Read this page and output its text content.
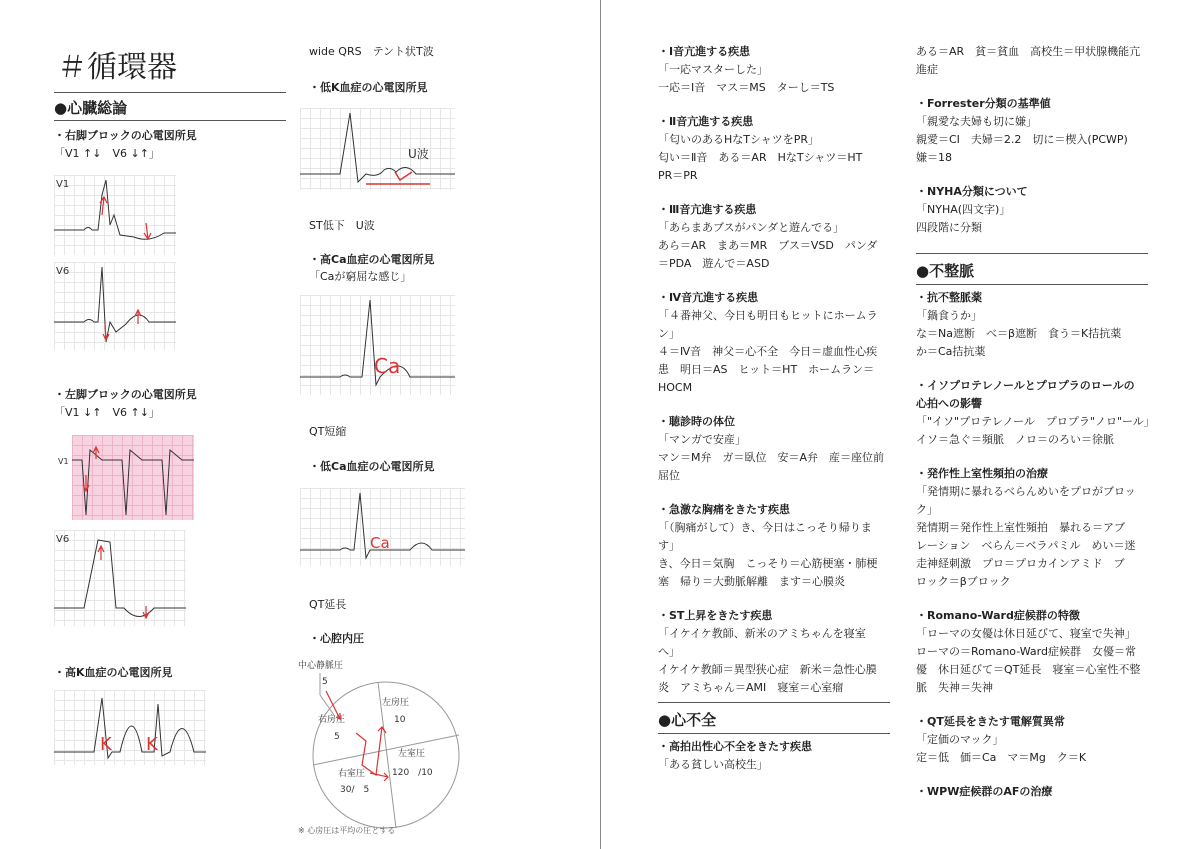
＃循環器
●心臓総論
・右脚ブロックの心電図所見
「V1 ↑↓　V6 ↓↑」
V1
V6
・左脚ブロックの心電図所見
「V1 ↓↑　V6 ↑↓」
V1
V6
・高K血症の心電図所見
K K
wide QRS　テント状T波
・低K血症の心電図所見
U波
ST低下　U波
・高Ca血症の心電図所見
「Caが窮屈な感じ」
Ca
QT短縮
・低Ca血症の心電図所見
Ca
QT延長
・心腔内圧
中心静脈圧
5
右房圧
5
左房圧
10
左室圧
120　/10
右室圧
30/　5
※ 心房圧は平均の圧とする
・Ⅰ音亢進する疾患
「一応マスターした」
一応＝Ⅰ音　マス＝MS　ターし＝TS
・Ⅱ音亢進する疾患
「匂いのあるHなTシャツをPR」
匂い＝Ⅱ音　ある＝AR　HなTシャツ＝HT
PR＝PR
・Ⅲ音亢進する疾患
「あらまあブスがパンダと遊んでる」
あら＝AR　まあ＝MR　ブス＝VSD　パンダ
＝PDA　遊んで＝ASD
・Ⅳ音亢進する疾患
「４番神父、今日も明日もヒットにホームラ
ン」
４＝Ⅳ音　神父＝心不全　今日＝虚血性心疾
患　明日＝AS　ヒット＝HT　ホームラン＝
HOCM
・聴診時の体位
「マンガで安産」
マン＝M弁　ガ＝臥位　安＝A弁　産＝座位前
屈位
・急激な胸痛をきたす疾患
「（胸痛がして）き、今日はこっそり帰りま
す」
き、今日＝気胸　こっそり＝心筋梗塞・肺梗
塞　帰り＝大動脈解離　ます＝心膜炎
・ST上昇をきたす疾患
「イケイケ教師、新米のアミちゃんを寝室
へ」
イケイケ教師＝異型狭心症　新米＝急性心膜
炎　アミちゃん＝AMI　寝室＝心室瘤
●心不全
・高拍出性心不全をきたす疾患
「ある貧しい高校生」
ある＝AR　貧＝貧血　高校生＝甲状腺機能亢
進症
・Forrester分類の基準値
「親愛な夫婦も切に嫌」
親愛＝CI　夫婦＝2.2　切に＝楔入(PCWP)
嫌＝18
・NYHA分類について
「NYHA(四文字)」
四段階に分類
●不整脈
・抗不整脈薬
「鍋食うか」
な＝Na遮断　べ＝β遮断　食う＝K拮抗薬
か＝Ca拮抗薬
・イソプロテレノールとプロプラのロールの
心拍への影響
「"イソ"プロテレノール　プロプラ"ノロ"ール」
イソ＝急ぐ＝頻脈　ノロ＝のろい＝徐脈
・発作性上室性頻拍の治療
「発情期に暴れるべらんめいをプロがブロッ
ク」
発情期＝発作性上室性頻拍　暴れる＝アブ
レーション　べらん＝ベラパミル　めい＝迷
走神経刺激　プロ＝プロカインアミド　ブ
ロック＝βブロック
・Romano-Ward症候群の特徴
「ローマの女優は休日延びて、寝室で失神」
ローマの＝Romano-Ward症候群　女優＝常
優　休日延びて＝QT延長　寝室＝心室性不整
脈　失神＝失神
・QT延長をきたす電解質異常
「定価のマック」
定＝低　価＝Ca　マ＝Mg　ク＝K
・WPW症候群のAFの治療
